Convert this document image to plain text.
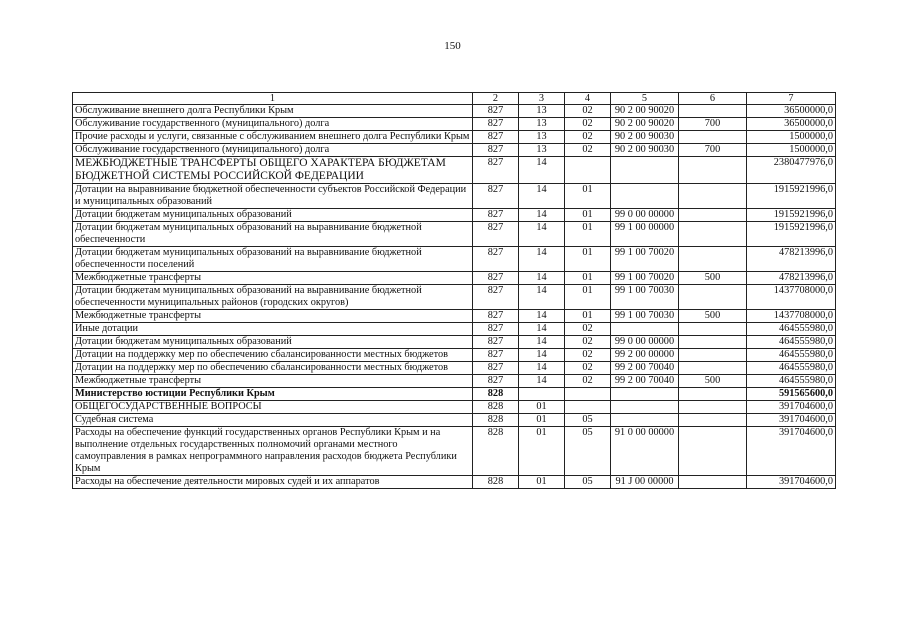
150
1	2	3	4	5	6	7
Обслуживание внешнего долга Республики Крым	827	13	02	90 2 00 90020		36500000,0
Обслуживание государственного (муниципального) долга	827	13	02	90 2 00 90020	700	36500000,0
Прочие расходы и услуги, связанные с обслуживанием внешнего долга Республики Крым	827	13	02	90 2 00 90030		1500000,0
Обслуживание государственного (муниципального) долга	827	13	02	90 2 00 90030	700	1500000,0
МЕЖБЮДЖЕТНЫЕ ТРАНСФЕРТЫ ОБЩЕГО ХАРАКТЕРА БЮДЖЕТАМ БЮДЖЕТНОЙ СИСТЕМЫ РОССИЙСКОЙ ФЕДЕРАЦИИ	827	14				2380477976,0
Дотации на выравнивание бюджетной обеспеченности субъектов Российской Федерации и муниципальных образований	827	14	01			1915921996,0
Дотации бюджетам муниципальных образований	827	14	01	99 0 00 00000		1915921996,0
Дотации бюджетам муниципальных образований на выравнивание бюджетной обеспеченности	827	14	01	99 1 00 00000		1915921996,0
Дотации бюджетам муниципальных образований на выравнивание бюджетной обеспеченности поселений	827	14	01	99 1 00 70020		478213996,0
Межбюджетные трансферты	827	14	01	99 1 00 70020	500	478213996,0
Дотации бюджетам муниципальных образований на выравнивание бюджетной обеспеченности муниципальных районов (городских округов)	827	14	01	99 1 00 70030		1437708000,0
Межбюджетные трансферты	827	14	01	99 1 00 70030	500	1437708000,0
Иные дотации	827	14	02			464555980,0
Дотации бюджетам муниципальных образований	827	14	02	99 0 00 00000		464555980,0
Дотации на поддержку мер по обеспечению сбалансированности местных бюджетов	827	14	02	99 2 00 00000		464555980,0
Дотации на поддержку мер по обеспечению сбалансированности местных бюджетов	827	14	02	99 2 00 70040		464555980,0
Межбюджетные трансферты	827	14	02	99 2 00 70040	500	464555980,0
Министерство юстиции Республики Крым	828					591565600,0
ОБЩЕГОСУДАРСТВЕННЫЕ ВОПРОСЫ	828	01				391704600,0
Судебная система	828	01	05			391704600,0
Расходы на обеспечение функций государственных органов Республики Крым и на выполнение отдельных государственных полномочий органами местного самоуправления в рамках непрограммного направления расходов бюджета Республики Крым	828	01	05	91 0 00 00000		391704600,0
Расходы на обеспечение деятельности мировых судей и их аппаратов	828	01	05	91 J 00 00000		391704600,0
